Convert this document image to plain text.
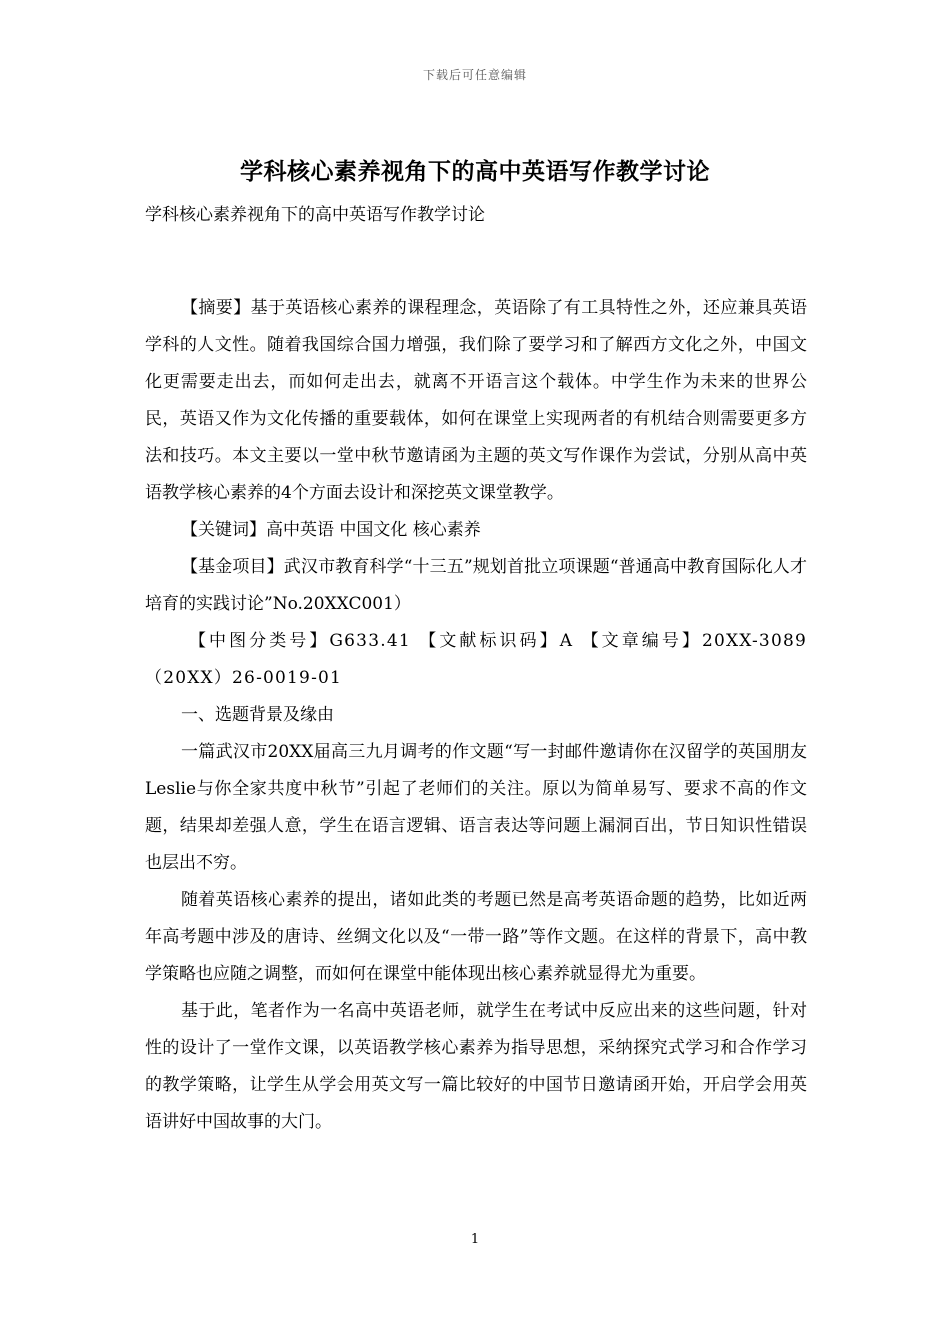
下载后可任意编辑
学科核心素养视角下的高中英语写作教学讨论

学科核心素养视角下的高中英语写作教学讨论

【摘要】基于英语核心素养的课程理念，英语除了有工具特性之外，还应兼具英语学科的人文性。随着我国综合国力增强，我们除了要学习和了解西方文化之外，中国文化更需要走出去，而如何走出去，就离不开语言这个载体。中学生作为未来的世界公民，英语又作为文化传播的重要载体，如何在课堂上实现两者的有机结合则需要更多方法和技巧。本文主要以一堂中秋节邀请函为主题的英文写作课作为尝试，分别从高中英语教学核心素养的4个方面去设计和深挖英文课堂教学。

【关键词】高中英语 中国文化 核心素养

【基金项目】武汉市教育科学“十三五”规划首批立项课题“普通高中教育国际化人才培育的实践讨论”No.20XXC001）

【中图分类号】G633.41 【文献标识码】A 【文章编号】20XX-3089（20XX）26-0019-01

一、选题背景及缘由

一篇武汉市20XX届高三九月调考的作文题“写一封邮件邀请你在汉留学的英国朋友Leslie与你全家共度中秋节”引起了老师们的关注。原以为简单易写、要求不高的作文题，结果却差强人意，学生在语言逻辑、语言表达等问题上漏洞百出，节日知识性错误也层出不穷。

随着英语核心素养的提出，诸如此类的考题已然是高考英语命题的趋势，比如近两年高考题中涉及的唐诗、丝绸文化以及“一带一路”等作文题。在这样的背景下，高中教学策略也应随之调整，而如何在课堂中能体现出核心素养就显得尤为重要。

基于此，笔者作为一名高中英语老师，就学生在考试中反应出来的这些问题，针对性的设计了一堂作文课，以英语教学核心素养为指导思想，采纳探究式学习和合作学习的教学策略，让学生从学会用英文写一篇比较好的中国节日邀请函开始，开启学会用英语讲好中国故事的大门。

1
